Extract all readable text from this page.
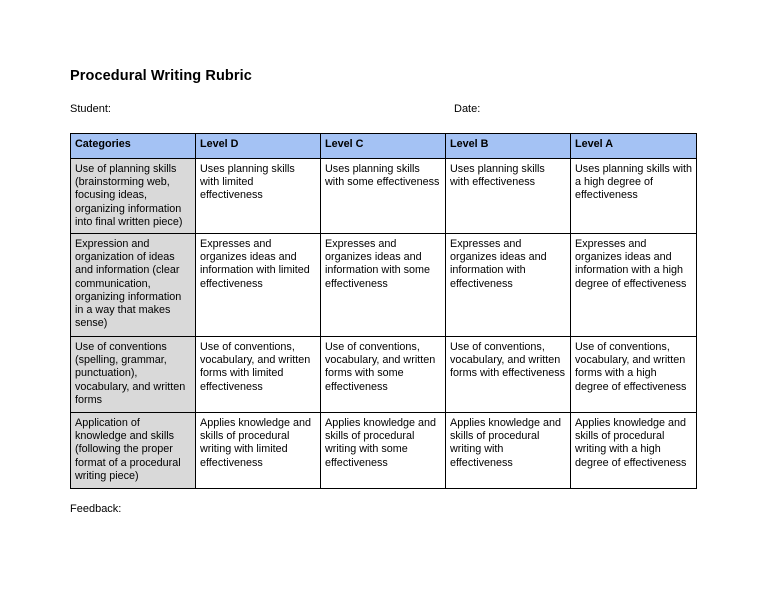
Procedural Writing Rubric
Student:	Date:
Categories	Level D	Level C	Level B	Level A
Use of planning skills (brainstorming web, focusing ideas, organizing information into final written piece)	Uses planning skills with limited effectiveness	Uses planning skills with some effectiveness	Uses planning skills with effectiveness	Uses planning skills with a high degree of effectiveness
Expression and organization of ideas and information (clear communication, organizing information in a way that makes sense)	Expresses and organizes ideas and information with limited effectiveness	Expresses and organizes ideas and information with some effectiveness	Expresses and organizes ideas and information with effectiveness	Expresses and organizes ideas and information with a high degree of effectiveness
Use of conventions (spelling, grammar, punctuation), vocabulary, and written forms	Use of conventions, vocabulary, and written forms with limited effectiveness	Use of conventions, vocabulary, and written forms with some effectiveness	Use of conventions, vocabulary, and written forms with effectiveness	Use of conventions, vocabulary, and written forms with a high degree of effectiveness
Application of knowledge and skills (following the proper format of a procedural writing piece)	Applies knowledge and skills of procedural writing with limited effectiveness	Applies knowledge and skills of procedural writing with some effectiveness	Applies knowledge and skills of procedural writing with effectiveness	Applies knowledge and skills of procedural writing with a high degree of effectiveness
Feedback:
